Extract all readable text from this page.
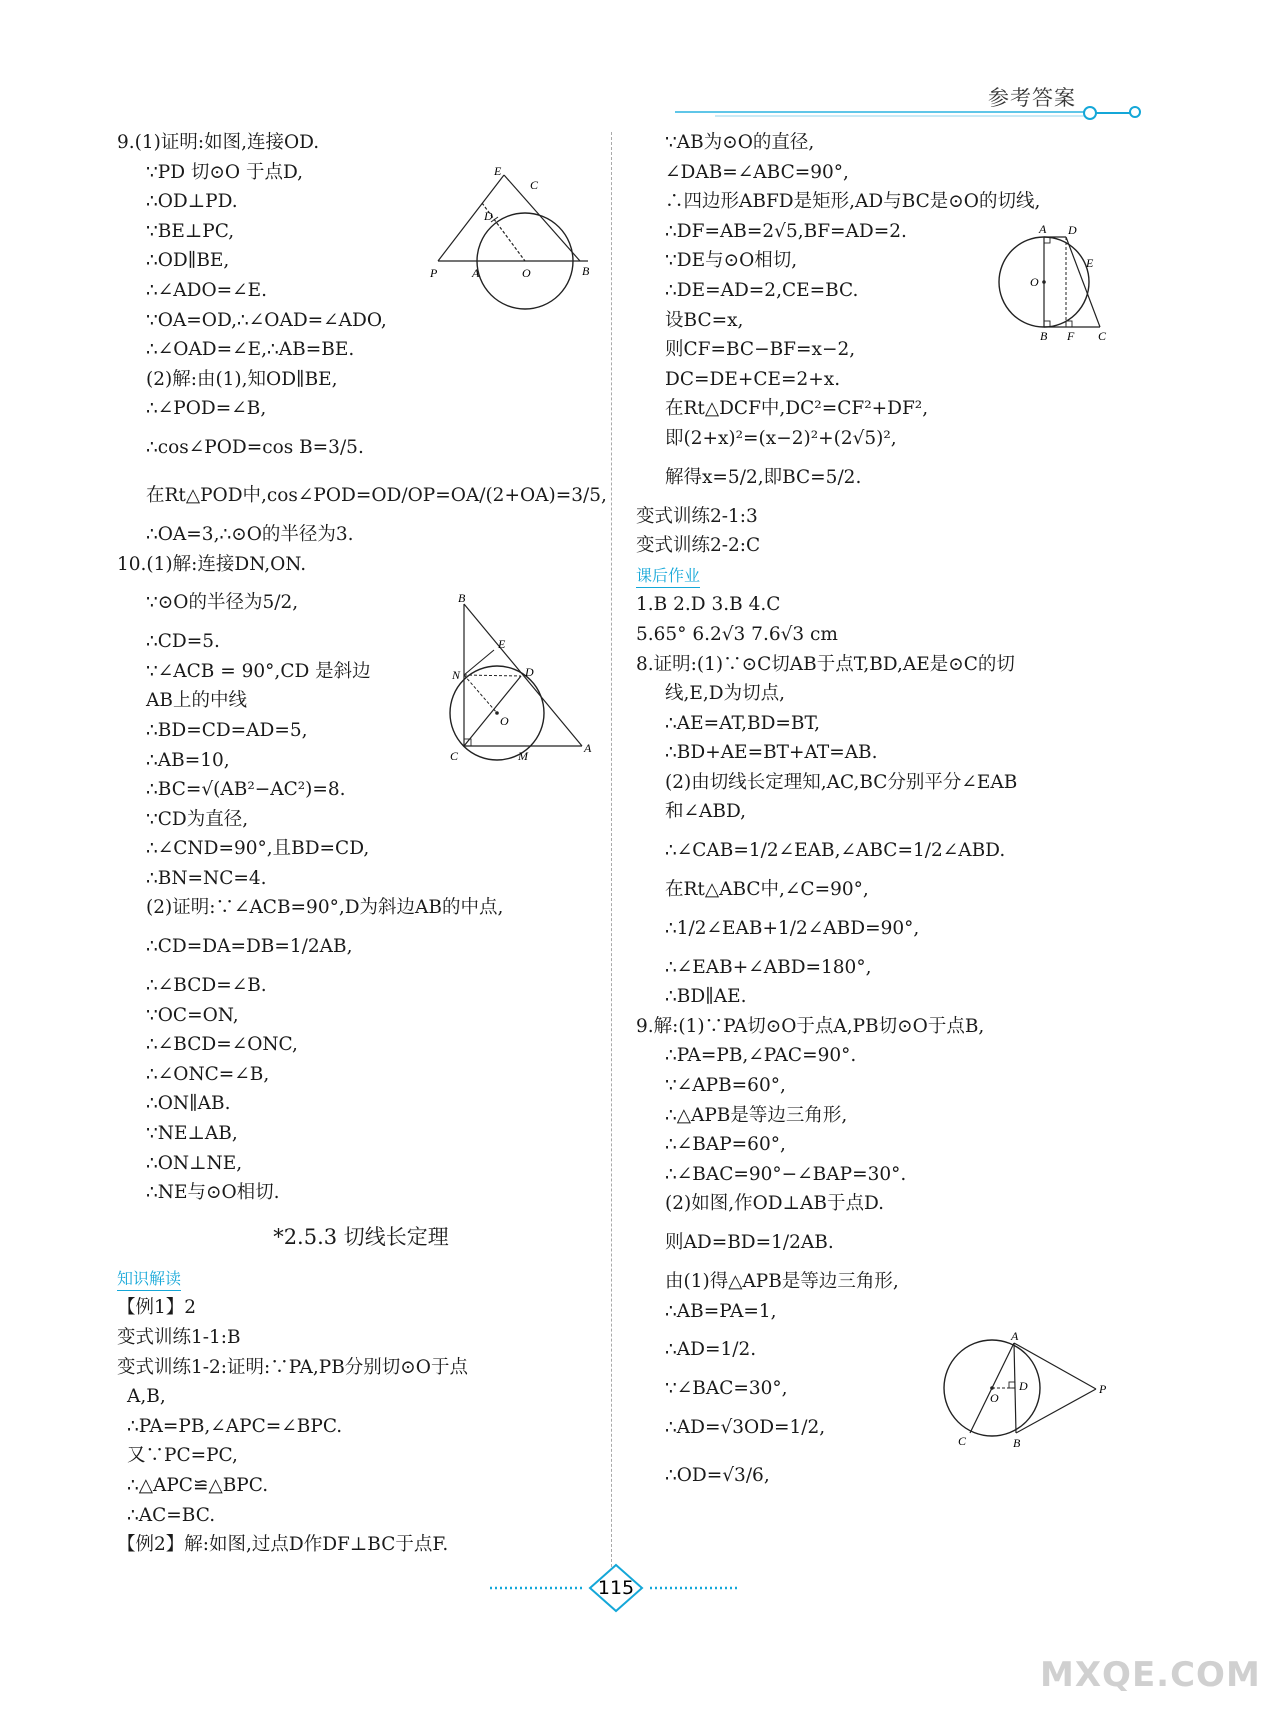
参考答案
9.(1)证明:如图,连接OD.
∵PD 切⊙O 于点D,
∴OD⊥PD.
∵BE⊥PC,
∴OD∥BE,
∴∠ADO=∠E.
∵OA=OD,∴∠OAD=∠ADO,
∴∠OAD=∠E,∴AB=BE.
(2)解:由(1),知OD∥BE,
∴∠POD=∠B,
∴cos∠POD=cos B=3/5.
在Rt△POD中,cos∠POD=OD/OP=OA/(2+OA)=3/5,
∴OA=3,∴⊙O的半径为3.
10.(1)解:连接DN,ON.
∵⊙O的半径为5/2,
∴CD=5.
∵∠ACB = 90°,CD 是斜边
AB上的中线
∴BD=CD=AD=5,
∴AB=10,
∴BC=√(AB²−AC²)=8.
∵CD为直径,
∴∠CND=90°,且BD=CD,
∴BN=NC=4.
(2)证明:∵∠ACB=90°,D为斜边AB的中点,
∴CD=DA=DB=1/2AB,
∴∠BCD=∠B.
∵OC=ON,
∴∠BCD=∠ONC,
∴∠ONC=∠B,
∴ON∥AB.
∵NE⊥AB,
∴ON⊥NE,
∴NE与⊙O相切.
*2.5.3 切线长定理
知识解读
【例1】2
变式训练1-1:B
变式训练1-2:证明:∵PA,PB分别切⊙O于点
A,B,
∴PA=PB,∠APC=∠BPC.
又∵PC=PC,
∴△APC≌△BPC.
∴AC=BC.
【例2】解:如图,过点D作DF⊥BC于点F.
∵AB为⊙O的直径,
∠DAB=∠ABC=90°,
∴四边形ABFD是矩形,AD与BC是⊙O的切线,
∴DF=AB=2√5,BF=AD=2.
∵DE与⊙O相切,
∴DE=AD=2,CE=BC.
设BC=x,
则CF=BC−BF=x−2,
DC=DE+CE=2+x.
在Rt△DCF中,DC²=CF²+DF²,
即(2+x)²=(x−2)²+(2√5)²,
解得x=5/2,即BC=5/2.
变式训练2-1:3
变式训练2-2:C
课后作业
1.B 2.D 3.B 4.C
5.65° 6.2√3 7.6√3 cm
8.证明:(1)∵⊙C切AB于点T,BD,AE是⊙C的切
线,E,D为切点,
∴AE=AT,BD=BT,
∴BD+AE=BT+AT=AB.
(2)由切线长定理知,AC,BC分别平分∠EAB
和∠ABD,
∴∠CAB=1/2∠EAB,∠ABC=1/2∠ABD.
在Rt△ABC中,∠C=90°,
∴1/2∠EAB+1/2∠ABD=90°,
∴∠EAB+∠ABD=180°,
∴BD∥AE.
9.解:(1)∵PA切⊙O于点A,PB切⊙O于点B,
∴PA=PB,∠PAC=90°.
∵∠APB=60°,
∴△APB是等边三角形,
∴∠BAP=60°,
∴∠BAC=90°−∠BAP=30°.
(2)如图,作OD⊥AB于点D.
则AD=BD=1/2AB.
由(1)得△APB是等边三角形,
∴AB=PA=1,
∴AD=1/2.
∵∠BAC=30°,
∴AD=√3OD=1/2,
∴OD=√3/6,
E
C
D
P	A	O	B
B
E
N	D
O
C	M
A
A D
E
O
B F C
A
O
D	P
C	B
115
MXQE.COM
